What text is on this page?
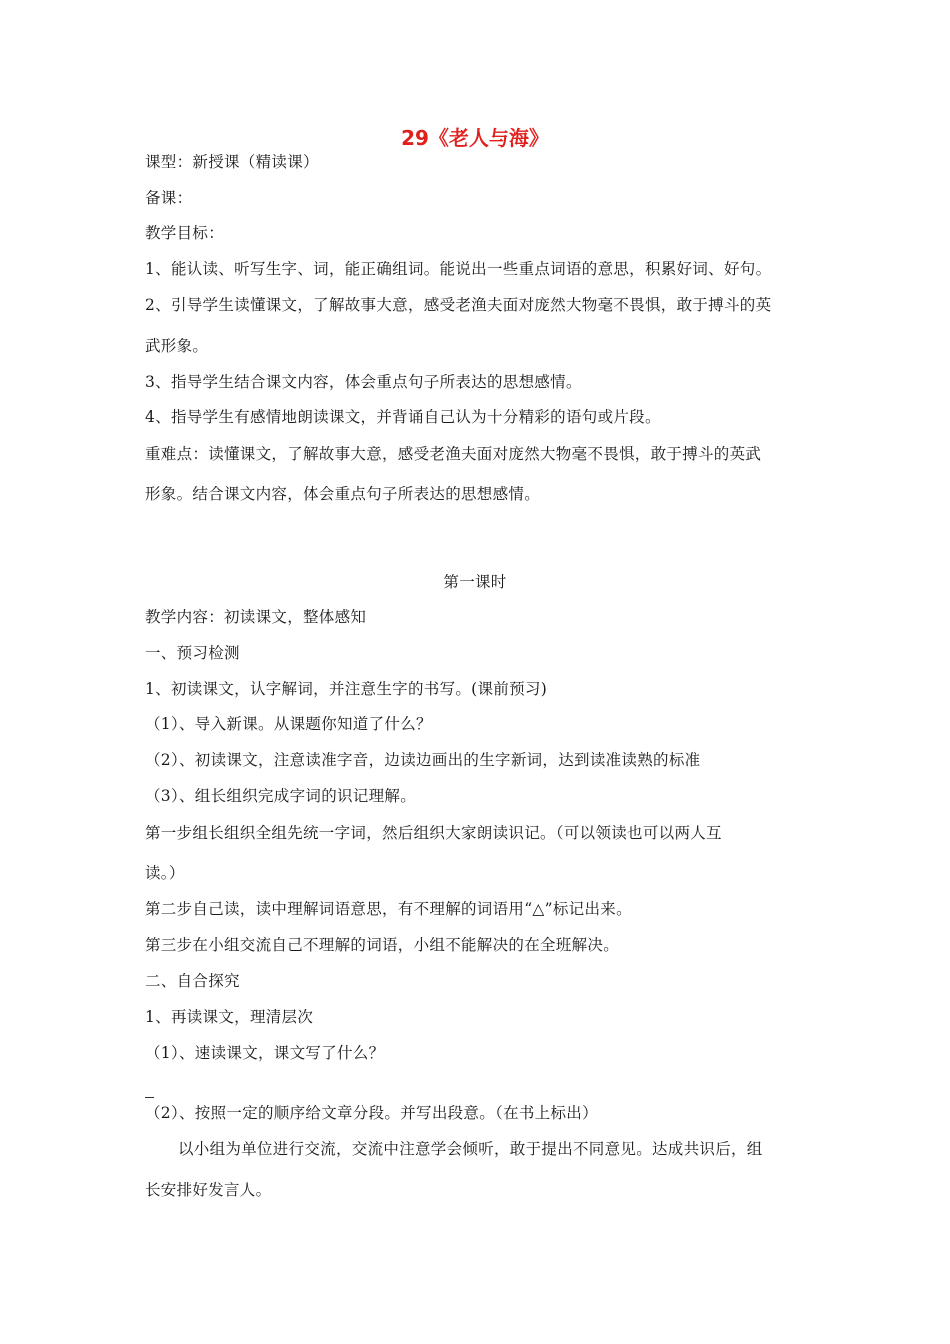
29《老人与海》
课型：新授课（精读课）
备课：
教学目标：
1、能认读、听写生字、词，能正确组词。能说出一些重点词语的意思，积累好词、好句。
2、引导学生读懂课文，了解故事大意，感受老渔夫面对庞然大物毫不畏惧，敢于搏斗的英
武形象。
3、指导学生结合课文内容，体会重点句子所表达的思想感情。
4、指导学生有感情地朗读课文，并背诵自己认为十分精彩的语句或片段。
重难点：读懂课文，了解故事大意，感受老渔夫面对庞然大物毫不畏惧，敢于搏斗的英武
形象。结合课文内容，体会重点句子所表达的思想感情。
第一课时
教学内容：初读课文，整体感知
一、预习检测
1、初读课文，认字解词，并注意生字的书写。(课前预习)
（1）、导入新课。从课题你知道了什么？
（2）、初读课文，注意读准字音，边读边画出的生字新词，达到读准读熟的标准
（3）、组长组织完成字词的识记理解。
第一步组长组织全组先统一字词，然后组织大家朗读识记。（可以领读也可以两人互
读。）
第二步自己读，读中理解词语意思，有不理解的词语用“△”标记出来。
第三步在小组交流自己不理解的词语，小组不能解决的在全班解决。
二、自合探究
1、再读课文，理清层次
（1）、速读课文，课文写了什么？
（2）、按照一定的顺序给文章分段。并写出段意。（在书上标出）
以小组为单位进行交流，交流中注意学会倾听，敢于提出不同意见。达成共识后，组
长安排好发言人。
